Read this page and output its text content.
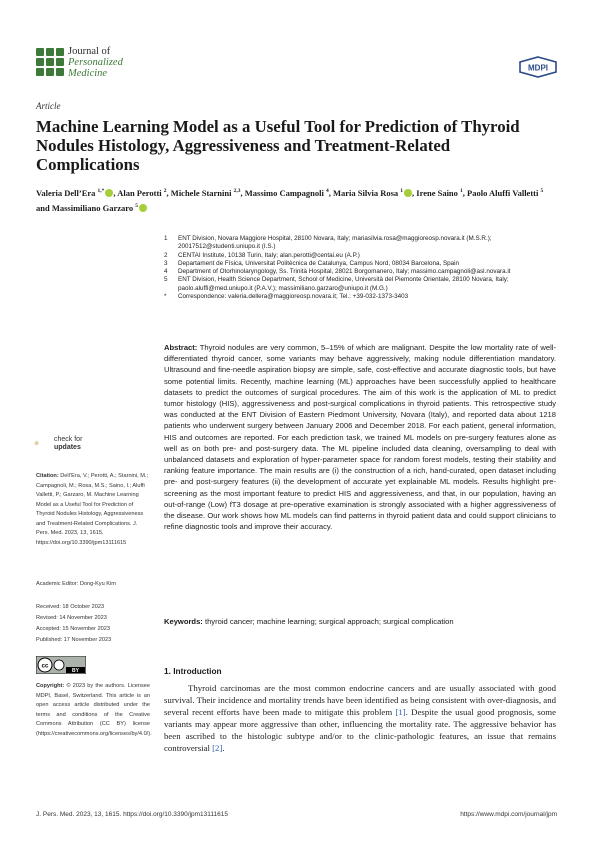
Journal of
Personalized
Medicine	MDPI
Article
Machine Learning Model as a Useful Tool for Prediction of Thyroid Nodules Histology, Aggressiveness and Treatment-Related Complications
Valeria Dell’Era $^{1,*}$ , Alan Perotti $^2$, Michele Starnini $^{2,3}$, Massimo Campagnoli $^4$, Maria Silvia Rosa $^1$ , Irene Saino $^1$, Paolo Aluffi Valletti $^5$ and Massimiliano Garzaro $^5$
1 ENT Division, Novara Maggiore Hospital, 28100 Novara, Italy; mariasilvia.rosa@maggioreosp.novara.it (M.S.R.); 20017512@studenti.uniupo.it (I.S.)
2 CENTAI Institute, 10138 Turin, Italy; alan.perotti@centai.eu (A.P.)
3 Departament de Física, Universitat Politècnica de Catalunya, Campus Nord, 08034 Barcelona, Spain
4 Department of Otorhinolaryngology, Ss. Trinità Hospital, 28021 Borgomanero, Italy; massimo.campagnoli@asl.novara.it
5 ENT Division, Health Science Department, School of Medicine, Università del Piemonte Orientale, 28100 Novara, Italy; paolo.aluffi@med.uniupo.it (P.A.V.); massimiliano.garzaro@uniupo.it (M.G.)
* Correspondence: valeria.dellera@maggioreosp.novara.it; Tel.: +39-032-1373-3403
Abstract: Thyroid nodules are very common, 5–15% of which are malignant. Despite the low mortality rate of well-differentiated thyroid cancer, some variants may behave aggressively, making nodule differentiation mandatory. Ultrasound and fine-needle aspiration biopsy are simple, safe, cost-effective and accurate diagnostic tools, but have some potential limits. Recently, machine learning (ML) approaches have been successfully applied to healthcare datasets to predict the outcomes of surgical procedures. The aim of this work is the application of ML to predict tumor histology (HIS), aggressiveness and post-surgical complications in thyroid patients. This retrospective study was conducted at the ENT Division of Eastern Piedmont University, Novara (Italy), and reported data about 1218 patients who underwent surgery between January 2006 and December 2018. For each patient, general information, HIS and outcomes are reported. For each prediction task, we trained ML models on pre-surgery features alone as well as on both pre- and post-surgery data. The ML pipeline included data cleaning, oversampling to deal with unbalanced datasets and exploration of hyper-parameter space for random forest models, testing their stability and ranking feature importance. The main results are (i) the construction of a rich, hand-curated, open dataset including pre- and post-surgery features (ii) the development of accurate yet explainable ML models. Results highlight pre-screening as the most important feature to predict HIS and aggressiveness, and that, in our population, having an out-of-range (Low) fT3 dosage at pre-operative examination is strongly associated with a higher aggressiveness of the disease. Our work shows how ML models can find patterns in thyroid patient data and could support clinicians to refine diagnostic tools and improve their accuracy.
Keywords: thyroid cancer; machine learning; surgical approach; surgical complication
check for
updates
Citation: Dell’Era, V.; Perotti, A.; Starnini, M.; Campagnoli, M.; Rosa, M.S.; Saino, I.; Aluffi Valletti, P.; Garzaro, M. Machine Learning Model as a Useful Tool for Prediction of Thyroid Nodules Histology, Aggressiveness and Treatment-Related Complications. J. Pers. Med. 2023, 13, 1615. https://doi.org/10.3390/jpm13111615
Academic Editor: Dong-Kyu Kim
Received: 18 October 2023
Revised: 14 November 2023
Accepted: 15 November 2023
Published: 17 November 2023
cc
BY
Copyright: © 2023 by the authors. Licensee MDPI, Basel, Switzerland. This article is an open access article distributed under the terms and conditions of the Creative Commons Attribution (CC BY) license (https://creativecommons.org/licenses/by/4.0/).
1. Introduction
Thyroid carcinomas are the most common endocrine cancers and are usually associated with good survival. Their incidence and mortality trends have been identified as being consistent with over-diagnosis, and several recent efforts have been made to mitigate this problem [1]. Despite the usual good prognosis, some variants may appear more aggressive than other, influencing the mortality rate. The aggressive behavior has been ascribed to the histologic subtype and/or to the clinic-pathologic features, an issue that remains controversial [2].
J. Pers. Med. 2023, 13, 1615. https://doi.org/10.3390/jpm13111615	https://www.mdpi.com/journal/jpm
